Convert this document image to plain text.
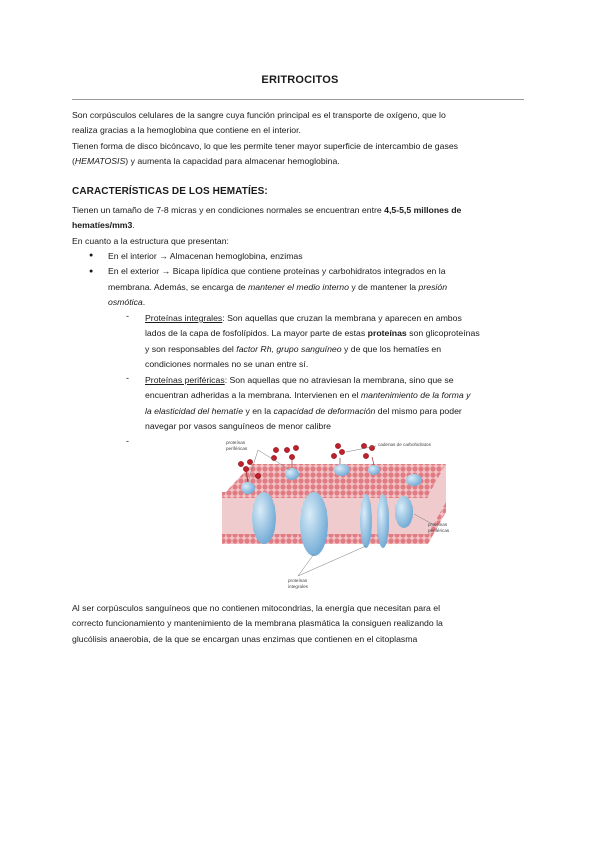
ERITROCITOS
Son corpúsculos celulares de la sangre cuya función principal es el transporte de oxígeno, que lo
realiza gracias a la hemoglobina que contiene en el interior.
Tienen forma de disco bicóncavo, lo que les permite tener mayor superficie de intercambio de gases
(HEMATOSIS) y aumenta la capacidad para almacenar hemoglobina.
CARACTERÍSTICAS DE LOS HEMATÍES:
Tienen un tamaño de 7-8 micras y en condiciones normales se encuentran entre 4,5-5,5 millones de
hematíes/mm3.
En cuanto a la estructura que presentan:
● En el interior → Almacenan hemoglobina, enzimas
● En el exterior → Bicapa lipídica que contiene proteínas y carbohidratos integrados en la
membrana. Además, se encarga de mantener el medio interno y de mantener la presión
osmótica.
- Proteínas integrales: Son aquellas que cruzan la membrana y aparecen en ambos
lados de la capa de fosfolípidos. La mayor parte de estas proteínas son glicoproteínas
y son responsables del factor Rh, grupo sanguíneo y de que los hematíes en
condiciones normales no se unan entre sí.
- Proteínas periféricas: Son aquellas que no atraviesan la membrana, sino que se
encuentran adheridas a la membrana. Intervienen en el mantenimiento de la forma y
la elasticidad del hematíe y en la capacidad de deformación del mismo para poder
navegar por vasos sanguíneos de menor calibre
-	proteínas
periféricas
cadenas de carbohidratos
proteínas
periféricas
proteínas
integrales
Al ser corpúsculos sanguíneos que no contienen mitocondrias, la energía que necesitan para el
correcto funcionamiento y mantenimiento de la membrana plasmática la consiguen realizando la
glucólisis anaerobia, de la que se encargan unas enzimas que contienen en el citoplasma
